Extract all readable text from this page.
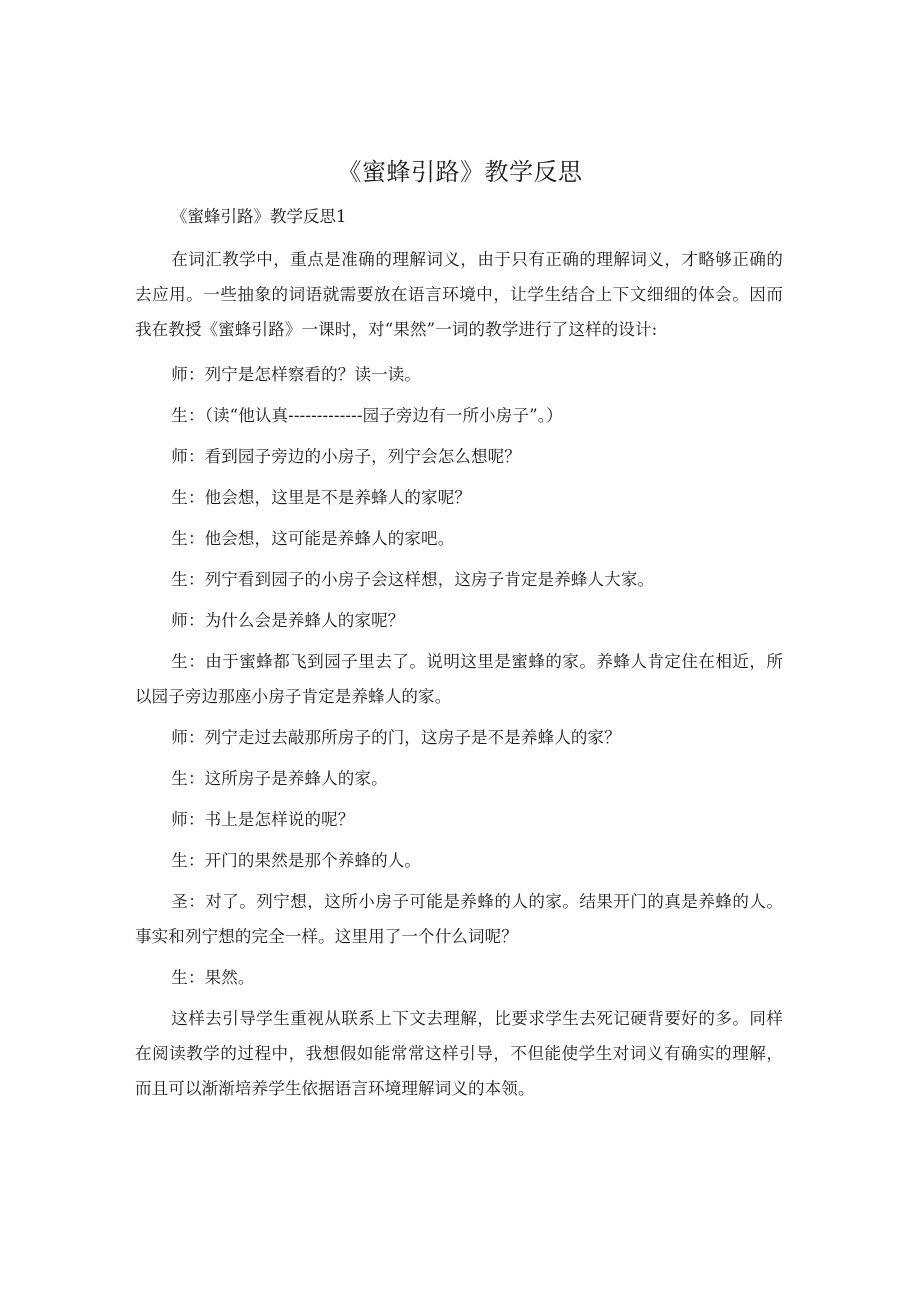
《蜜蜂引路》教学反思

《蜜蜂引路》教学反思1

在词汇教学中，重点是准确的理解词义，由于只有正确的理解词义，才略够正确的去应用。一些抽象的词语就需要放在语言环境中，让学生结合上下文细细的体会。因而我在教授《蜜蜂引路》一课时，对“果然”一词的教学进行了这样的设计:

师：列宁是怎样察看的？读一读。

生：（读“他认真-------------园子旁边有一所小房子”。）

师：看到园子旁边的小房子，列宁会怎么想呢？

生：他会想，这里是不是养蜂人的家呢？

生：他会想，这可能是养蜂人的家吧。

生：列宁看到园子的小房子会这样想，这房子肯定是养蜂人大家。

师：为什么会是养蜂人的家呢？

生：由于蜜蜂都飞到园子里去了。说明这里是蜜蜂的家。养蜂人肯定住在相近，所以园子旁边那座小房子肯定是养蜂人的家。

师：列宁走过去敲那所房子的门，这房子是不是养蜂人的家？

生：这所房子是养蜂人的家。

师：书上是怎样说的呢？

生：开门的果然是那个养蜂的人。

圣：对了。列宁想，这所小房子可能是养蜂的人的家。结果开门的真是养蜂的人。事实和列宁想的完全一样。这里用了一个什么词呢？

生：果然。

这样去引导学生重视从联系上下文去理解，比要求学生去死记硬背要好的多。同样在阅读教学的过程中，我想假如能常常这样引导，不但能使学生对词义有确实的理解，而且可以渐渐培养学生依据语言环境理解词义的本领。
